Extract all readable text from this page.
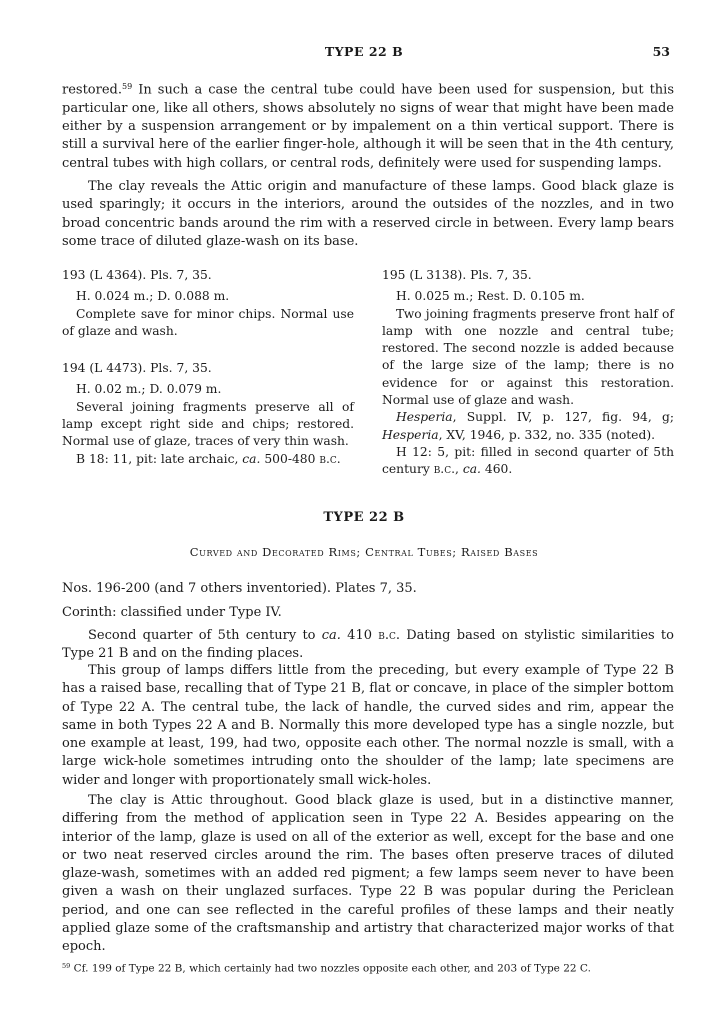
TYPE 22 B	53

restored.$^{59}$ In such a case the central tube could have been used for suspension, but this particular one, like all others, shows absolutely no signs of wear that might have been made either by a suspension arrangement or by impalement on a thin vertical support. There is still a survival here of the earlier finger-hole, although it will be seen that in the 4th century, central tubes with high collars, or central rods, definitely were used for suspending lamps.

The clay reveals the Attic origin and manufacture of these lamps. Good black glaze is used sparingly; it occurs in the interiors, around the outsides of the nozzles, and in two broad concentric bands around the rim with a reserved circle in between. Every lamp bears some trace of diluted glaze-wash on its base.

193 (L 4364). Pls. 7, 35.

H. 0.024 m.; D. 0.088 m.

Complete save for minor chips. Normal use of glaze and wash.

194 (L 4473). Pls. 7, 35.

H. 0.02 m.; D. 0.079 m.

Several joining fragments preserve all of lamp except right side and chips; restored. Normal use of glaze, traces of very thin wash.

B 18: 11, pit: late archaic, ca. 500-480 b.c.

195 (L 3138). Pls. 7, 35.

H. 0.025 m.; Rest. D. 0.105 m.

Two joining fragments preserve front half of lamp with one nozzle and central tube; restored. The second nozzle is added because of the large size of the lamp; there is no evidence for or against this restoration. Normal use of glaze and wash.

Hesperia, Suppl. IV, p. 127, fig. 94, g; Hesperia, XV, 1946, p. 332, no. 335 (noted).

H 12: 5, pit: filled in second quarter of 5th century b.c., ca. 460.

TYPE 22 B
Curved and Decorated Rims; Central Tubes; Raised Bases

Nos. 196-200 (and 7 others inventoried). Plates 7, 35.

Corinth: classified under Type IV.

Second quarter of 5th century to ca. 410 b.c. Dating based on stylistic similarities to Type 21 B and on the finding places.

This group of lamps differs little from the preceding, but every example of Type 22 B has a raised base, recalling that of Type 21 B, flat or concave, in place of the simpler bottom of Type 22 A. The central tube, the lack of handle, the curved sides and rim, appear the same in both Types 22 A and B. Normally this more developed type has a single nozzle, but one example at least, 199, had two, opposite each other. The normal nozzle is small, with a large wick-hole sometimes intruding onto the shoulder of the lamp; late specimens are wider and longer with proportionately small wick-holes.

The clay is Attic throughout. Good black glaze is used, but in a distinctive manner, differing from the method of application seen in Type 22 A. Besides appearing on the interior of the lamp, glaze is used on all of the exterior as well, except for the base and one or two neat reserved circles around the rim. The bases often preserve traces of diluted glaze-wash, sometimes with an added red pigment; a few lamps seem never to have been given a wash on their unglazed surfaces. Type 22 B was popular during the Periclean period, and one can see reflected in the careful profiles of these lamps and their neatly applied glaze some of the craftsmanship and artistry that characterized major works of that epoch.

$^{59}$ Cf. 199 of Type 22 B, which certainly had two nozzles opposite each other, and 203 of Type 22 C.
